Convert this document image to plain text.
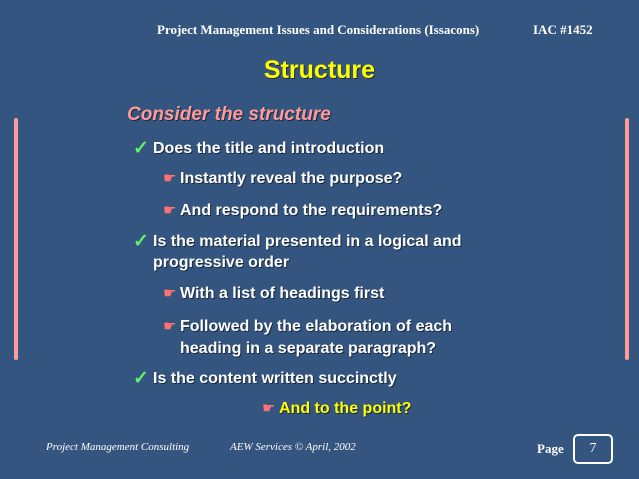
Project Management Issues and Considerations (Issacons)	IAC #1452
Structure
Consider the structure
✓ Does the title and introduction
☛ Instantly reveal the purpose?
☛ And respond to the requirements?
✓ Is the material presented in a logical and
progressive order
☛ With a list of headings first
☛ Followed by the elaboration of each
heading in a separate paragraph?
✓ Is the content written succinctly
☛ And to the point?
Project Management Consulting	AEW Services © April, 2002	Page	7
